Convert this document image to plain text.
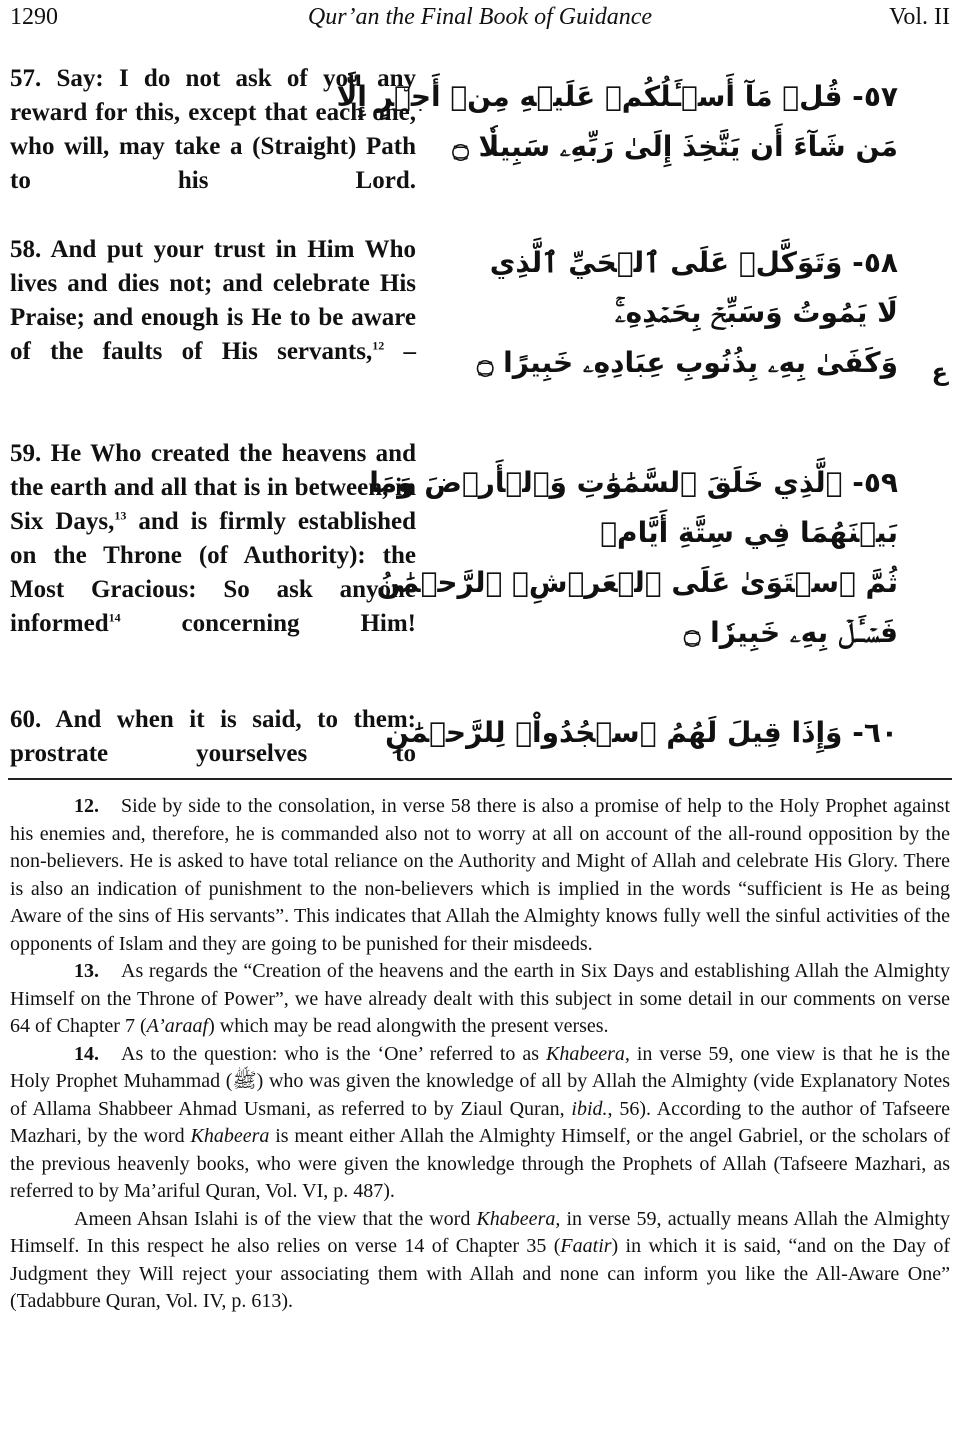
1290	Qur’an the Final Book of Guidance	Vol. II
57. Say: I do not ask of you any reward for this, except that each one, who will, may take a (Straight) Path to his Lord.
٥٧- قُلۡ مَآ أَسۡـَٔلُكُمۡ عَلَيۡهِ مِنۡ أَجۡرٍ إِلَّا
مَن شَآءَ أَن يَتَّخِذَ إِلَىٰ رَبِّهِۦ سَبِيلٗا ۝
58. And put your trust in Him Who lives and dies not; and celebrate His Praise; and enough is He to be aware of the faults of His servants,$^{12}$ –
٥٨- وَتَوَكَّلۡ عَلَى ٱلۡحَيِّ ٱلَّذِي
لَا يَمُوتُ وَسَبِّحۡ بِحَمۡدِهِۦۚ
وَكَفَىٰ بِهِۦ بِذُنُوبِ عِبَادِهِۦ خَبِيرًا ۝ ع
59. He Who created the heavens and the earth and all that is in between, in Six Days,$^{13}$ and is firmly established on the Throne (of Authority): the Most Gracious: So ask anyone informed$^{14}$ concerning Him!
٥٩- ٱلَّذِي خَلَقَ ٱلسَّمَٰوَٰتِ وَٱلۡأَرۡضَ وَمَا
بَيۡنَهُمَا فِي سِتَّةِ أَيَّامٖ
ثُمَّ ٱسۡتَوَىٰ عَلَى ٱلۡعَرۡشِۖ ٱلرَّحۡمَٰنُ
فَسۡـَٔلۡ بِهِۦ خَبِيرٗا ۝
60. And when it is said, to them: prostrate yourselves to
٦٠- وَإِذَا قِيلَ لَهُمُ ٱسۡجُدُواْۤ لِلرَّحۡمَٰنِ

12. Side by side to the consolation, in verse 58 there is also a promise of help to the Holy Prophet against his enemies and, therefore, he is commanded also not to worry at all on account of the all-round opposition by the non-believers. He is asked to have total reliance on the Authority and Might of Allah and celebrate His Glory. There is also an indication of punishment to the non-believers which is implied in the words “sufficient is He as being Aware of the sins of His servants”. This indicates that Allah the Almighty knows fully well the sinful activities of the opponents of Islam and they are going to be punished for their misdeeds.

13. As regards the “Creation of the heavens and the earth in Six Days and establishing Allah the Almighty Himself on the Throne of Power”, we have already dealt with this subject in some detail in our comments on verse 64 of Chapter 7 (A’araaf) which may be read alongwith the present verses.

14. As to the question: who is the ‘One’ referred to as Khabeera, in verse 59, one view is that he is the Holy Prophet Muhammad (ﷺ) who was given the knowledge of all by Allah the Almighty (vide Explanatory Notes of Allama Shabbeer Ahmad Usmani, as referred to by Ziaul Quran, ibid., 56). According to the author of Tafseere Mazhari, by the word Khabeera is meant either Allah the Almighty Himself, or the angel Gabriel, or the scholars of the previous heavenly books, who were given the knowledge through the Prophets of Allah (Tafseere Mazhari, as referred to by Ma’ariful Quran, Vol. VI, p. 487).

Ameen Ahsan Islahi is of the view that the word Khabeera, in verse 59, actually means Allah the Almighty Himself. In this respect he also relies on verse 14 of Chapter 35 (Faatir) in which it is said, “and on the Day of Judgment they Will reject your associating them with Allah and none can inform you like the All-Aware One” (Tadabbure Quran, Vol. IV, p. 613).
